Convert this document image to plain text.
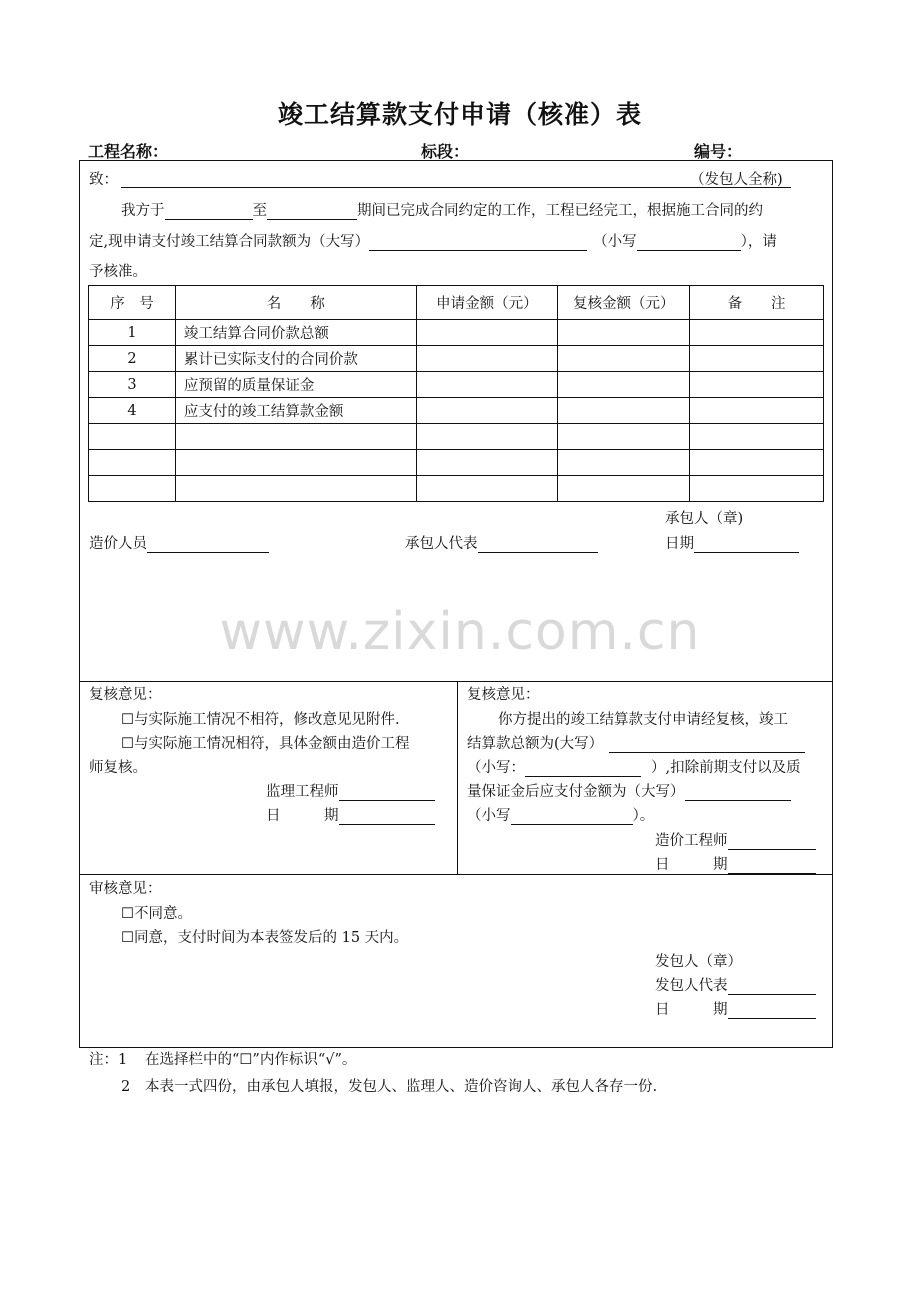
竣工结算款支付申请（核准）表
工程名称：	标段：	编号：
致：	（发包人全称)
我方于	至	期间已完成合同约定的工作，工程已经完工，根据施工合同的约
定,现申请支付竣工结算合同款额为（大写）	（小写	），请
予核准。
序　号	名　　称	申请金额（元）	复核金额（元）	备　　注
1	竣工结算合同价款总额			
2	累计已实际支付的合同价款			
3	应预留的质量保证金			
4	应支付的竣工结算款金额			

承包人（章)
造价人员	承包人代表	日期
www.zixin.com.cn
复核意见：
☐与实际施工情况不相符，修改意见见附件.
☐与实际施工情况相符，具体金额由造价工程
师复核。
监理工程师
日　　　期
复核意见：
你方提出的竣工结算款支付申请经复核，竣工
结算款总额为(大写）
（小写：	）,扣除前期支付以及质
量保证金后应支付金额为（大写）
（小写	）。
造价工程师
日　　　期
审核意见：
☐不同意。
☐同意，支付时间为本表签发后的 15 天内。
发包人（章）
发包人代表
日　　　期
注：1 在选择栏中的“☐”内作标识“√”。
2 本表一式四份，由承包人填报，发包人、监理人、造价咨询人、承包人各存一份.
